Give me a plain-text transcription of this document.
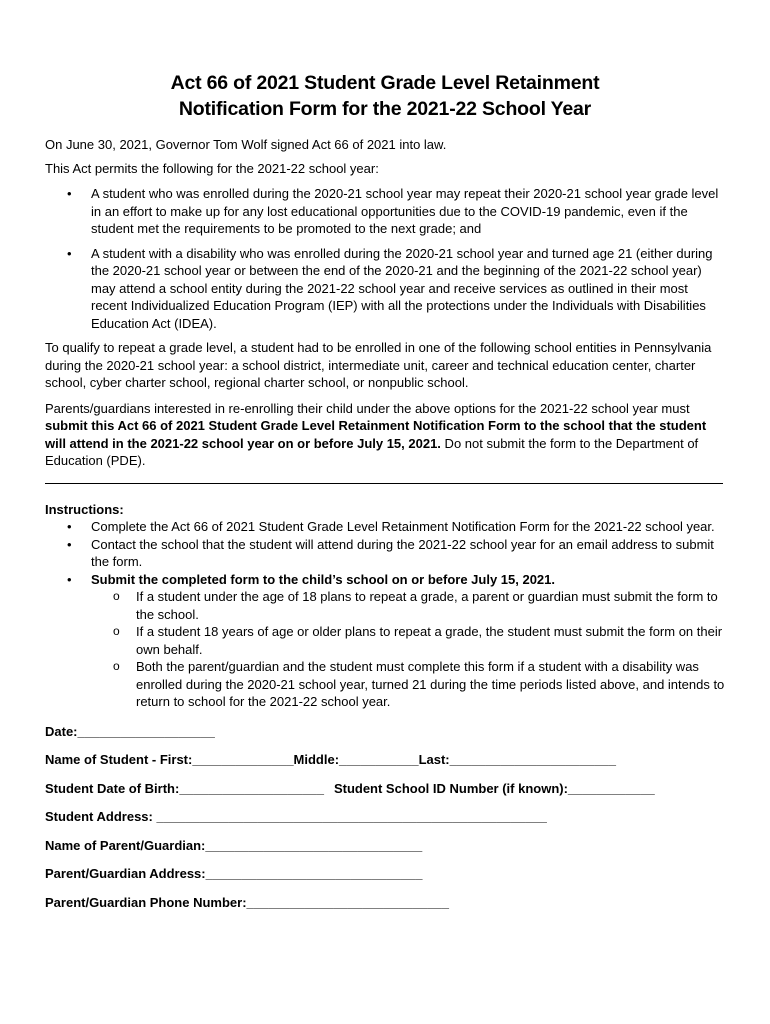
Act 66 of 2021 Student Grade Level Retainment
Notification Form for the 2021-22 School Year

On June 30, 2021, Governor Tom Wolf signed Act 66 of 2021 into law.

This Act permits the following for the 2021-22 school year:

• A student who was enrolled during the 2020-21 school year may repeat their 2020-21 school year grade level in an effort to make up for any lost educational opportunities due to the COVID-19 pandemic, even if the student met the requirements to be promoted to the next grade; and
• A student with a disability who was enrolled during the 2020-21 school year and turned age 21 (either during the 2020-21 school year or between the end of the 2020-21 and the beginning of the 2021-22 school year) may attend a school entity during the 2021-22 school year and receive services as outlined in their most recent Individualized Education Program (IEP) with all the protections under the Individuals with Disabilities Education Act (IDEA).

To qualify to repeat a grade level, a student had to be enrolled in one of the following school entities in Pennsylvania during the 2020-21 school year: a school district, intermediate unit, career and technical education center, charter school, cyber charter school, regional charter school, or nonpublic school.

Parents/guardians interested in re-enrolling their child under the above options for the 2021-22 school year must submit this Act 66 of 2021 Student Grade Level Retainment Notification Form to the school that the student will attend in the 2021-22 school year on or before July 15, 2021. Do not submit the form to the Department of Education (PDE).

Instructions:

• Complete the Act 66 of 2021 Student Grade Level Retainment Notification Form for the 2021-22 school year.
• Contact the school that the student will attend during the 2021-22 school year for an email address to submit the form.
• Submit the completed form to the child’s school on or before July 15, 2021.
o If a student under the age of 18 plans to repeat a grade, a parent or guardian must submit the form to the school.
o If a student 18 years of age or older plans to repeat a grade, the student must submit the form on their own behalf.
o Both the parent/guardian and the student must complete this form if a student with a disability was enrolled during the 2020-21 school year, turned 21 during the time periods listed above, and intends to return to school for the 2021-22 school year.
Date:___________________
Name of Student - First:______________Middle:___________Last:_______________________
Student Date of Birth:____________________ Student School ID Number (if known):____________
Student Address: ______________________________________________________
Name of Parent/Guardian:______________________________
Parent/Guardian Address:______________________________
Parent/Guardian Phone Number:____________________________
